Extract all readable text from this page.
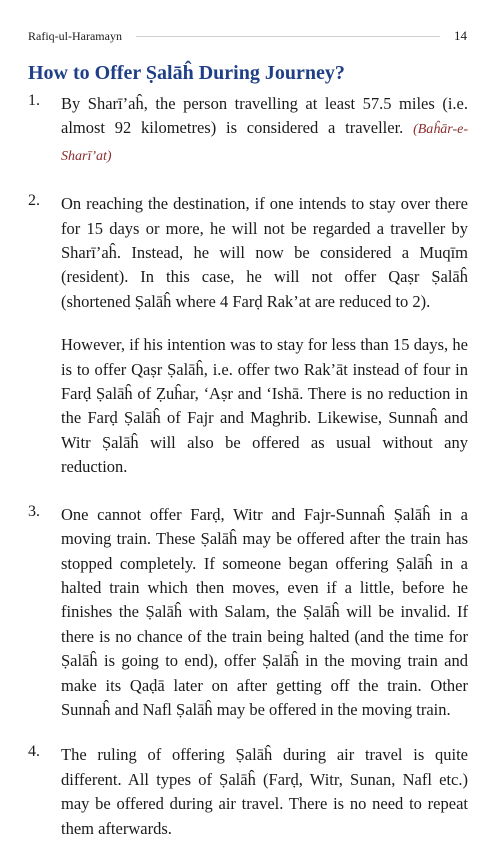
Rafiq-ul-Haramayn	14
How to Offer Ṣalāĥ During Journey?
1. By Sharī’aĥ, the person travelling at least 57.5 miles (i.e. almost 92 kilometres) is considered a traveller. (Baĥār-e-Sharī’at)

2. On reaching the destination, if one intends to stay over there for 15 days or more, he will not be regarded a traveller by Sharī’aĥ. Instead, he will now be considered a Muqīm (resident). In this case, he will not offer Qaṣr Ṣalāĥ (shortened Ṣalāĥ where 4 Farḍ Rak’at are reduced to 2).

However, if his intention was to stay for less than 15 days, he is to offer Qaṣr Ṣalāĥ, i.e. offer two Rak’āt instead of four in Farḍ Ṣalāĥ of Ẓuĥar, ‘Aṣr and ‘Ishā. There is no reduction in the Farḍ Ṣalāĥ of Fajr and Maghrib. Likewise, Sunnaĥ and Witr Ṣalāĥ will also be offered as usual without any reduction.

3. One cannot offer Farḍ, Witr and Fajr-Sunnaĥ Ṣalāĥ in a moving train. These Ṣalāĥ may be offered after the train has stopped completely. If someone began offering Ṣalāĥ in a halted train which then moves, even if a little, before he finishes the Ṣalāĥ with Salam, the Ṣalāĥ will be invalid. If there is no chance of the train being halted (and the time for Ṣalāĥ is going to end), offer Ṣalāĥ in the moving train and make its Qaḍā later on after getting off the train. Other Sunnaĥ and Nafl Ṣalāĥ may be offered in the moving train.

4. The ruling of offering Ṣalāĥ during air travel is quite different. All types of Ṣalāĥ (Farḍ, Witr, Sunan, Nafl etc.) may be offered during air travel. There is no need to repeat them afterwards.
